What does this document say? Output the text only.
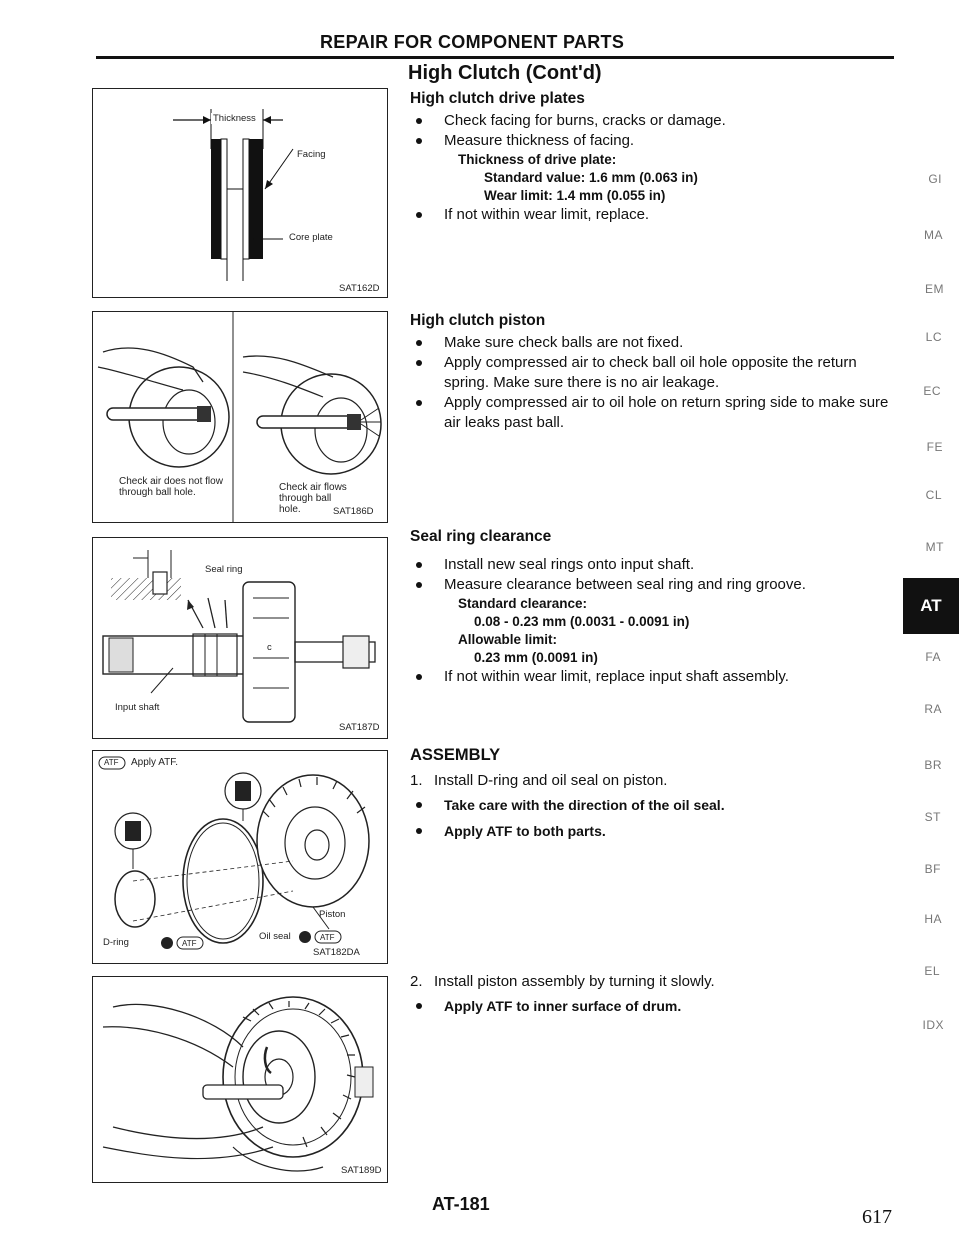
REPAIR FOR COMPONENT PARTS
High Clutch (Cont'd)
Thickness
Facing
Core plate
SAT162D
Check air does not flow through ball hole.	Check air flows through ball hole.	SAT186D
Seal ring
c
Input shaft
SAT187D
ATF Apply ATF.
Piston
D-ring	ATF
Oil seal	ATF
SAT182DA
SAT189D
High clutch drive plates
Check facing for burns, cracks or damage.
Measure thickness of facing.
Thickness of drive plate:
Standard value: 1.6 mm (0.063 in)
Wear limit: 1.4 mm (0.055 in)
If not within wear limit, replace.
High clutch piston
Make sure check balls are not fixed.
Apply compressed air to check ball oil hole opposite the return spring. Make sure there is no air leakage.
Apply compressed air to oil hole on return spring side to make sure air leaks past ball.
Seal ring clearance
Install new seal rings onto input shaft.
Measure clearance between seal ring and ring groove.
Standard clearance:
0.08 - 0.23 mm (0.0031 - 0.0091 in)
Allowable limit:
0.23 mm (0.0091 in)
If not within wear limit, replace input shaft assembly.
ASSEMBLY
1. Install D-ring and oil seal on piston.
Take care with the direction of the oil seal.
Apply ATF to both parts.
2. Install piston assembly by turning it slowly.
Apply ATF to inner surface of drum.
GI
MA
EM
LC
EC
FE
CL
MT
AT
FA
RA
BR
ST
BF
HA
EL
IDX
AT-181
617
